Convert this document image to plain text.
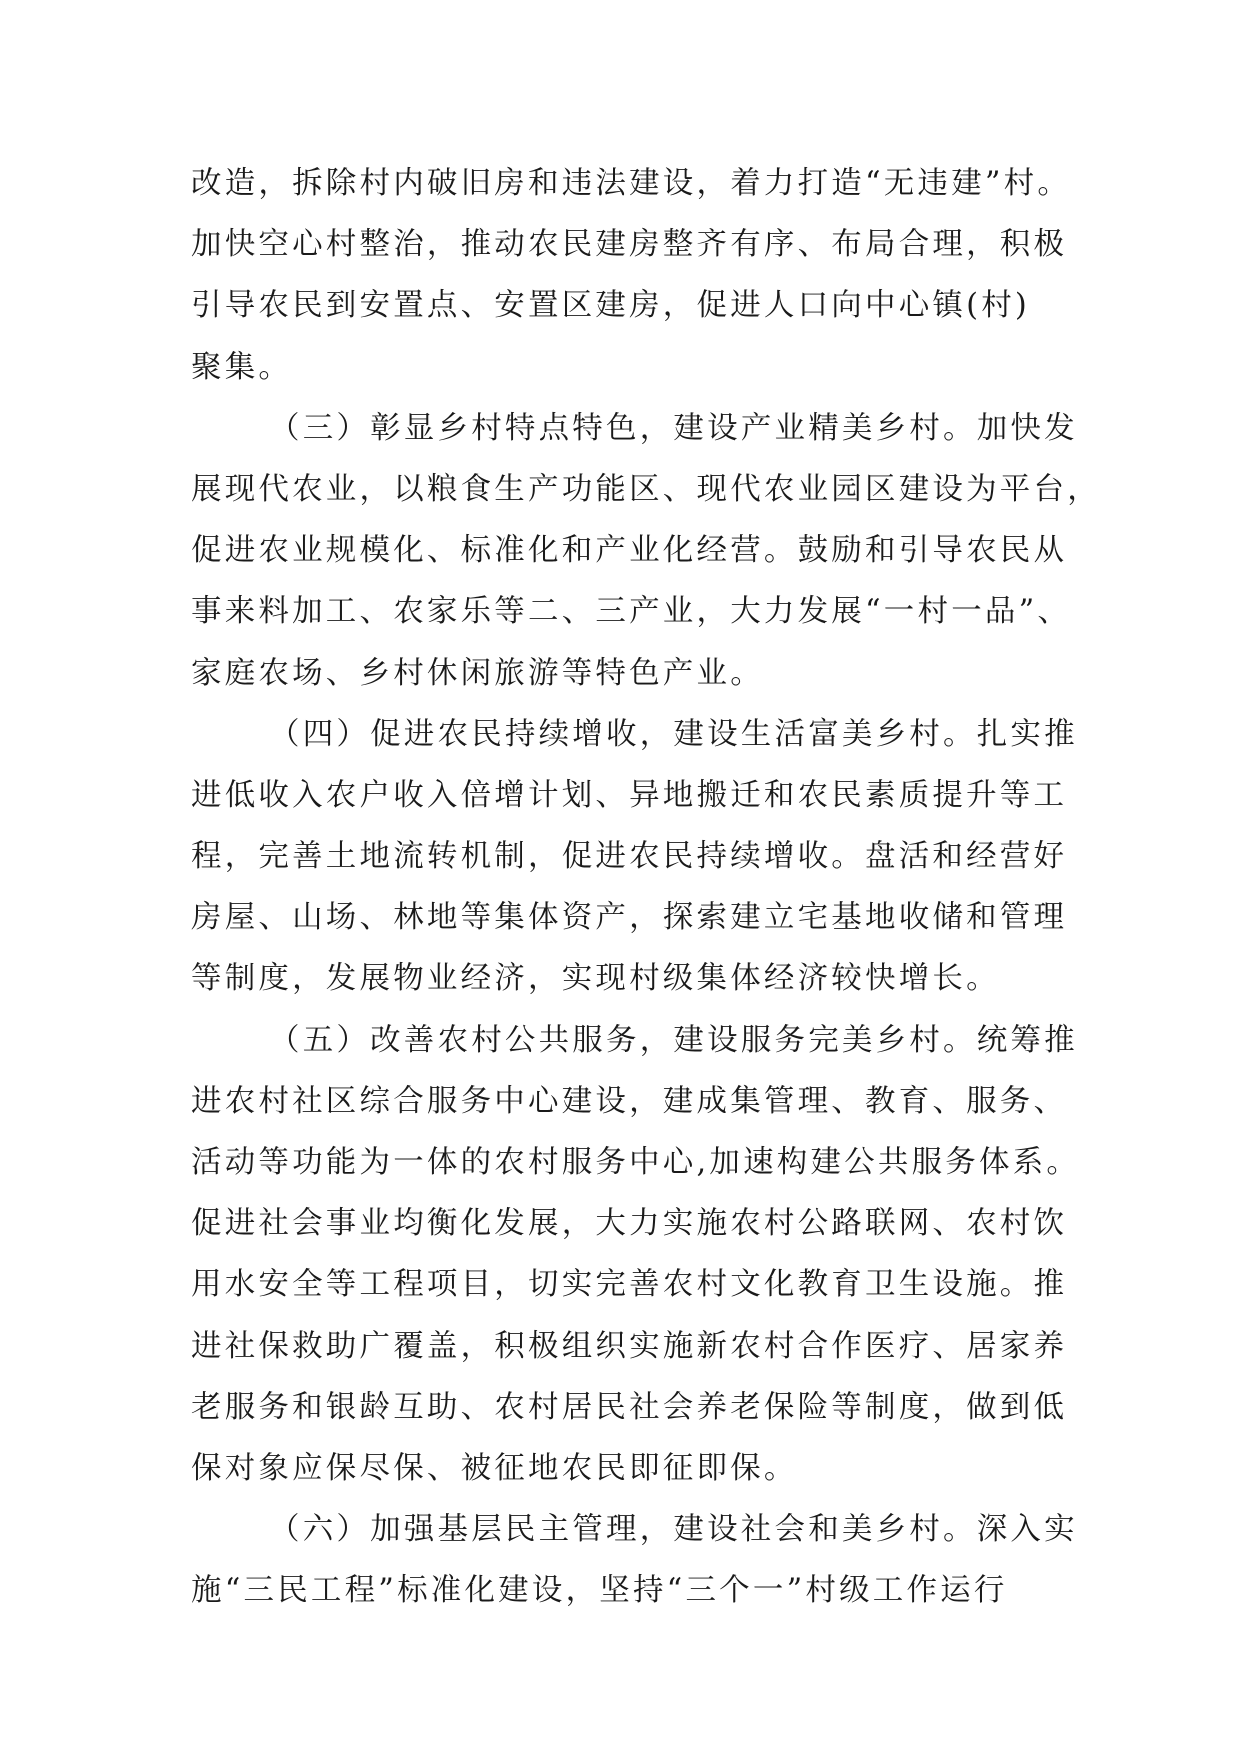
改造，拆除村内破旧房和违法建设，着力打造“无违建”村。
加快空心村整治，推动农民建房整齐有序、布局合理，积极
引导农民到安置点、安置区建房，促进人口向中心镇(村)
聚集。
（三）彰显乡村特点特色，建设产业精美乡村。加快发
展现代农业，以粮食生产功能区、现代农业园区建设为平台，
促进农业规模化、标准化和产业化经营。鼓励和引导农民从
事来料加工、农家乐等二、三产业，大力发展“一村一品”、
家庭农场、乡村休闲旅游等特色产业。
（四）促进农民持续增收，建设生活富美乡村。扎实推
进低收入农户收入倍增计划、异地搬迁和农民素质提升等工
程，完善土地流转机制，促进农民持续增收。盘活和经营好
房屋、山场、林地等集体资产，探索建立宅基地收储和管理
等制度，发展物业经济，实现村级集体经济较快增长。
（五）改善农村公共服务，建设服务完美乡村。统筹推
进农村社区综合服务中心建设，建成集管理、教育、服务、
活动等功能为一体的农村服务中心,加速构建公共服务体系。
促进社会事业均衡化发展，大力实施农村公路联网、农村饮
用水安全等工程项目，切实完善农村文化教育卫生设施。推
进社保救助广覆盖，积极组织实施新农村合作医疗、居家养
老服务和银龄互助、农村居民社会养老保险等制度，做到低
保对象应保尽保、被征地农民即征即保。
（六）加强基层民主管理，建设社会和美乡村。深入实
施“三民工程”标准化建设，坚持“三个一”村级工作运行
